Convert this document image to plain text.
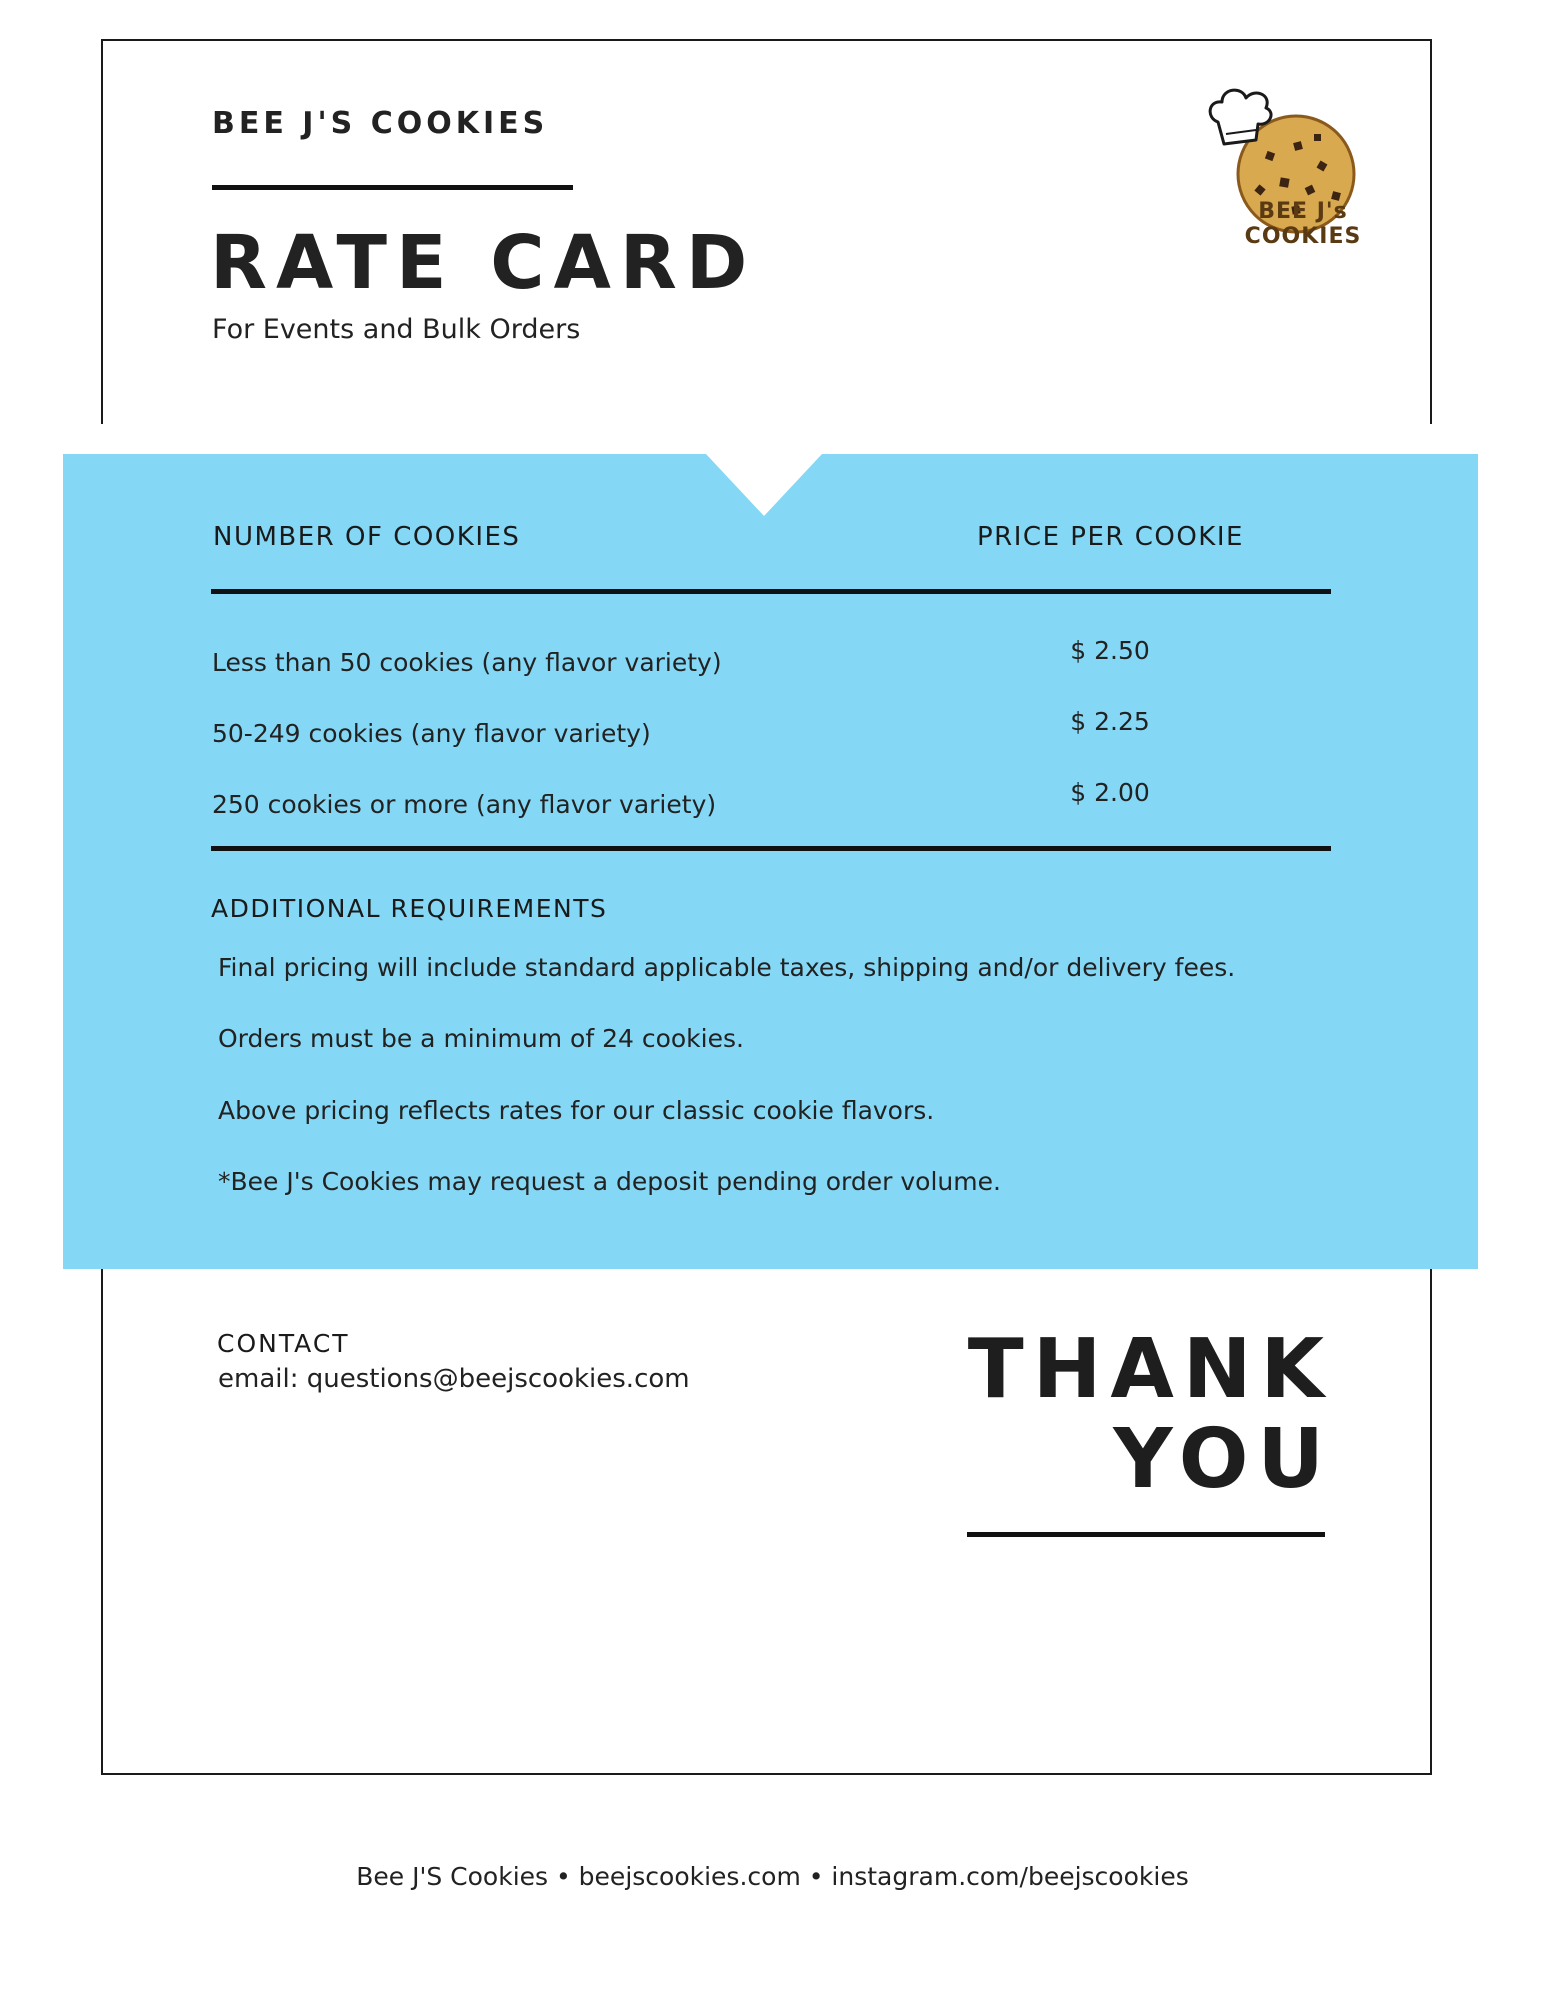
BEE J'S COOKIES
RATE CARD
For Events and Bulk Orders
BEE J's COOKIES
NUMBER OF COOKIES	PRICE PER COOKIE
Less than 50 cookies (any flavor variety)	$ 2.50
50-249 cookies (any flavor variety)	$ 2.25
250 cookies or more (any flavor variety)	$ 2.00
ADDITIONAL REQUIREMENTS
Final pricing will include standard applicable taxes, shipping and/or delivery fees.
Orders must be a minimum of 24 cookies.
Above pricing reflects rates for our classic cookie flavors.
*Bee J's Cookies may request a deposit pending order volume.
CONTACT
email: questions@beejscookies.com	THANK
YOU
Bee J'S Cookies • beejscookies.com • instagram.com/beejscookies
